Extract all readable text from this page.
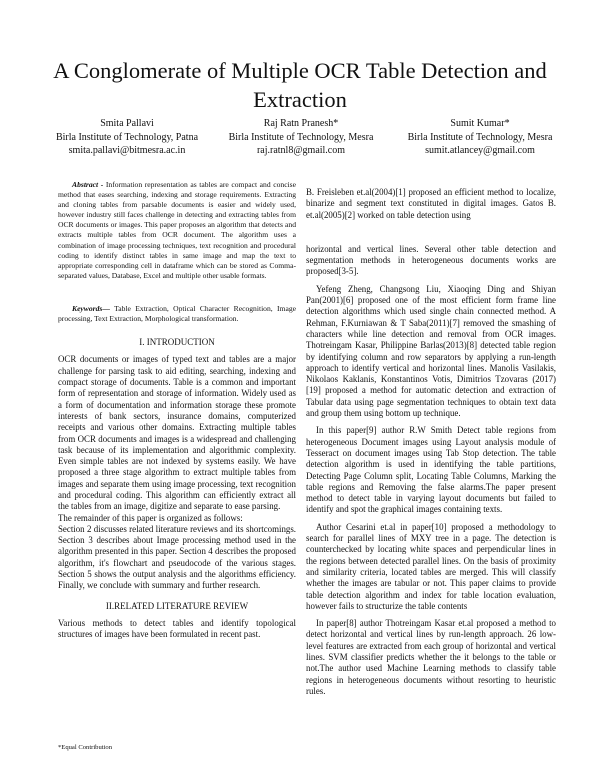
A Conglomerate of Multiple OCR Table Detection and Extraction
Smita Pallavi
Birla Institute of Technology, Patna
smita.pallavi@bitmesra.ac.in
Raj Ratn Pranesh*
Birla Institute of Technology, Mesra
raj.ratnl8@gmail.com
Sumit Kumar*
Birla Institute of Technology, Mesra
sumit.atlancey@gmail.com

Abstract - Information representation as tables are compact and concise method that eases searching, indexing and storage requirements. Extracting and cloning tables from parsable documents is easier and widely used, however industry still faces challenge in detecting and extracting tables from OCR documents or images. This paper proposes an algorithm that detects and extracts multiple tables from OCR document. The algorithm uses a combination of image processing techniques, text recognition and procedural coding to identify distinct tables in same image and map the text to appropriate corresponding cell in dataframe which can be stored as Comma-separated values, Database, Excel and multiple other usable formats.

Keywords— Table Extraction, Optical Character Recognition, Image processing, Text Extraction, Morphological transformation.

I. INTRODUCTION

OCR documents or images of typed text and tables are a major challenge for parsing task to aid editing, searching, indexing and compact storage of documents. Table is a common and important form of representation and storage of information. Widely used as a form of documentation and information storage these promote interests of bank sectors, insurance domains, computerized receipts and various other domains. Extracting multiple tables from OCR documents and images is a widespread and challenging task because of its implementation and algorithmic complexity. Even simple tables are not indexed by systems easily. We have proposed a three stage algorithm to extract multiple tables from images and separate them using image processing, text recognition and procedural coding. This algorithm can efficiently extract all the tables from an image, digitize and separate to ease parsing.

The remainder of this paper is organized as follows:

Section 2 discusses related literature reviews and its shortcomings. Section 3 describes about Image processing method used in the algorithm presented in this paper. Section 4 describes the proposed algorithm, it's flowchart and pseudocode of the various stages. Section 5 shows the output analysis and the algorithms efficiency. Finally, we conclude with summary and further research.

II.RELATED LITERATURE REVIEW

Various methods to detect tables and identify topological structures of images have been formulated in recent past.

B. Freisleben et.al(2004)[1] proposed an efficient method to localize, binarize and segment text constituted in digital images. Gatos B. et.al(2005)[2] worked on table detection using

horizontal and vertical lines. Several other table detection and segmentation methods in heterogeneous documents works are proposed[3-5].

Yefeng Zheng, Changsong Liu, Xiaoqing Ding and Shiyan Pan(2001)[6] proposed one of the most efficient form frame line detection algorithms which used single chain connected method. A Rehman, F.Kurniawan & T Saba(2011)[7] removed the smashing of characters while line detection and removal from OCR images. Thotreingam Kasar, Philippine Barlas(2013)[8] detected table region by identifying column and row separators by applying a run-length approach to identify vertical and horizontal lines. Manolis Vasilakis, Nikolaos Kaklanis, Konstantinos Votis, Dimitrios Tzovaras (2017)[19] proposed a method for automatic detection and extraction of Tabular data using page segmentation techniques to obtain text data and group them using bottom up technique.

In this paper[9] author R.W Smith Detect table regions from heterogeneous Document images using Layout analysis module of Tesseract on document images using Tab Stop detection. The table detection algorithm is used in identifying the table partitions, Detecting Page Column split, Locating Table Columns, Marking the table regions and Removing the false alarms.The paper present method to detect table in varying layout documents but failed to identify and spot the graphical images containing texts.

Author Cesarini et.al in paper[10] proposed a methodology to search for parallel lines of MXY tree in a page. The detection is counterchecked by locating white spaces and perpendicular lines in the regions between detected parallel lines. On the basis of proximity and similarity criteria, located tables are merged. This will classify whether the images are tabular or not. This paper claims to provide table detection algorithm and index for table location evaluation, however fails to structurize the table contents

In paper[8] author Thotreingam Kasar et.al proposed a method to detect horizontal and vertical lines by run-length approach. 26 low-level features are extracted from each group of horizontal and vertical lines. SVM classifier predicts whether the it belongs to the table or not.The author used Machine Learning methods to classify table regions in heterogeneous documents without resorting to heuristic rules.

*Equal Contribution
